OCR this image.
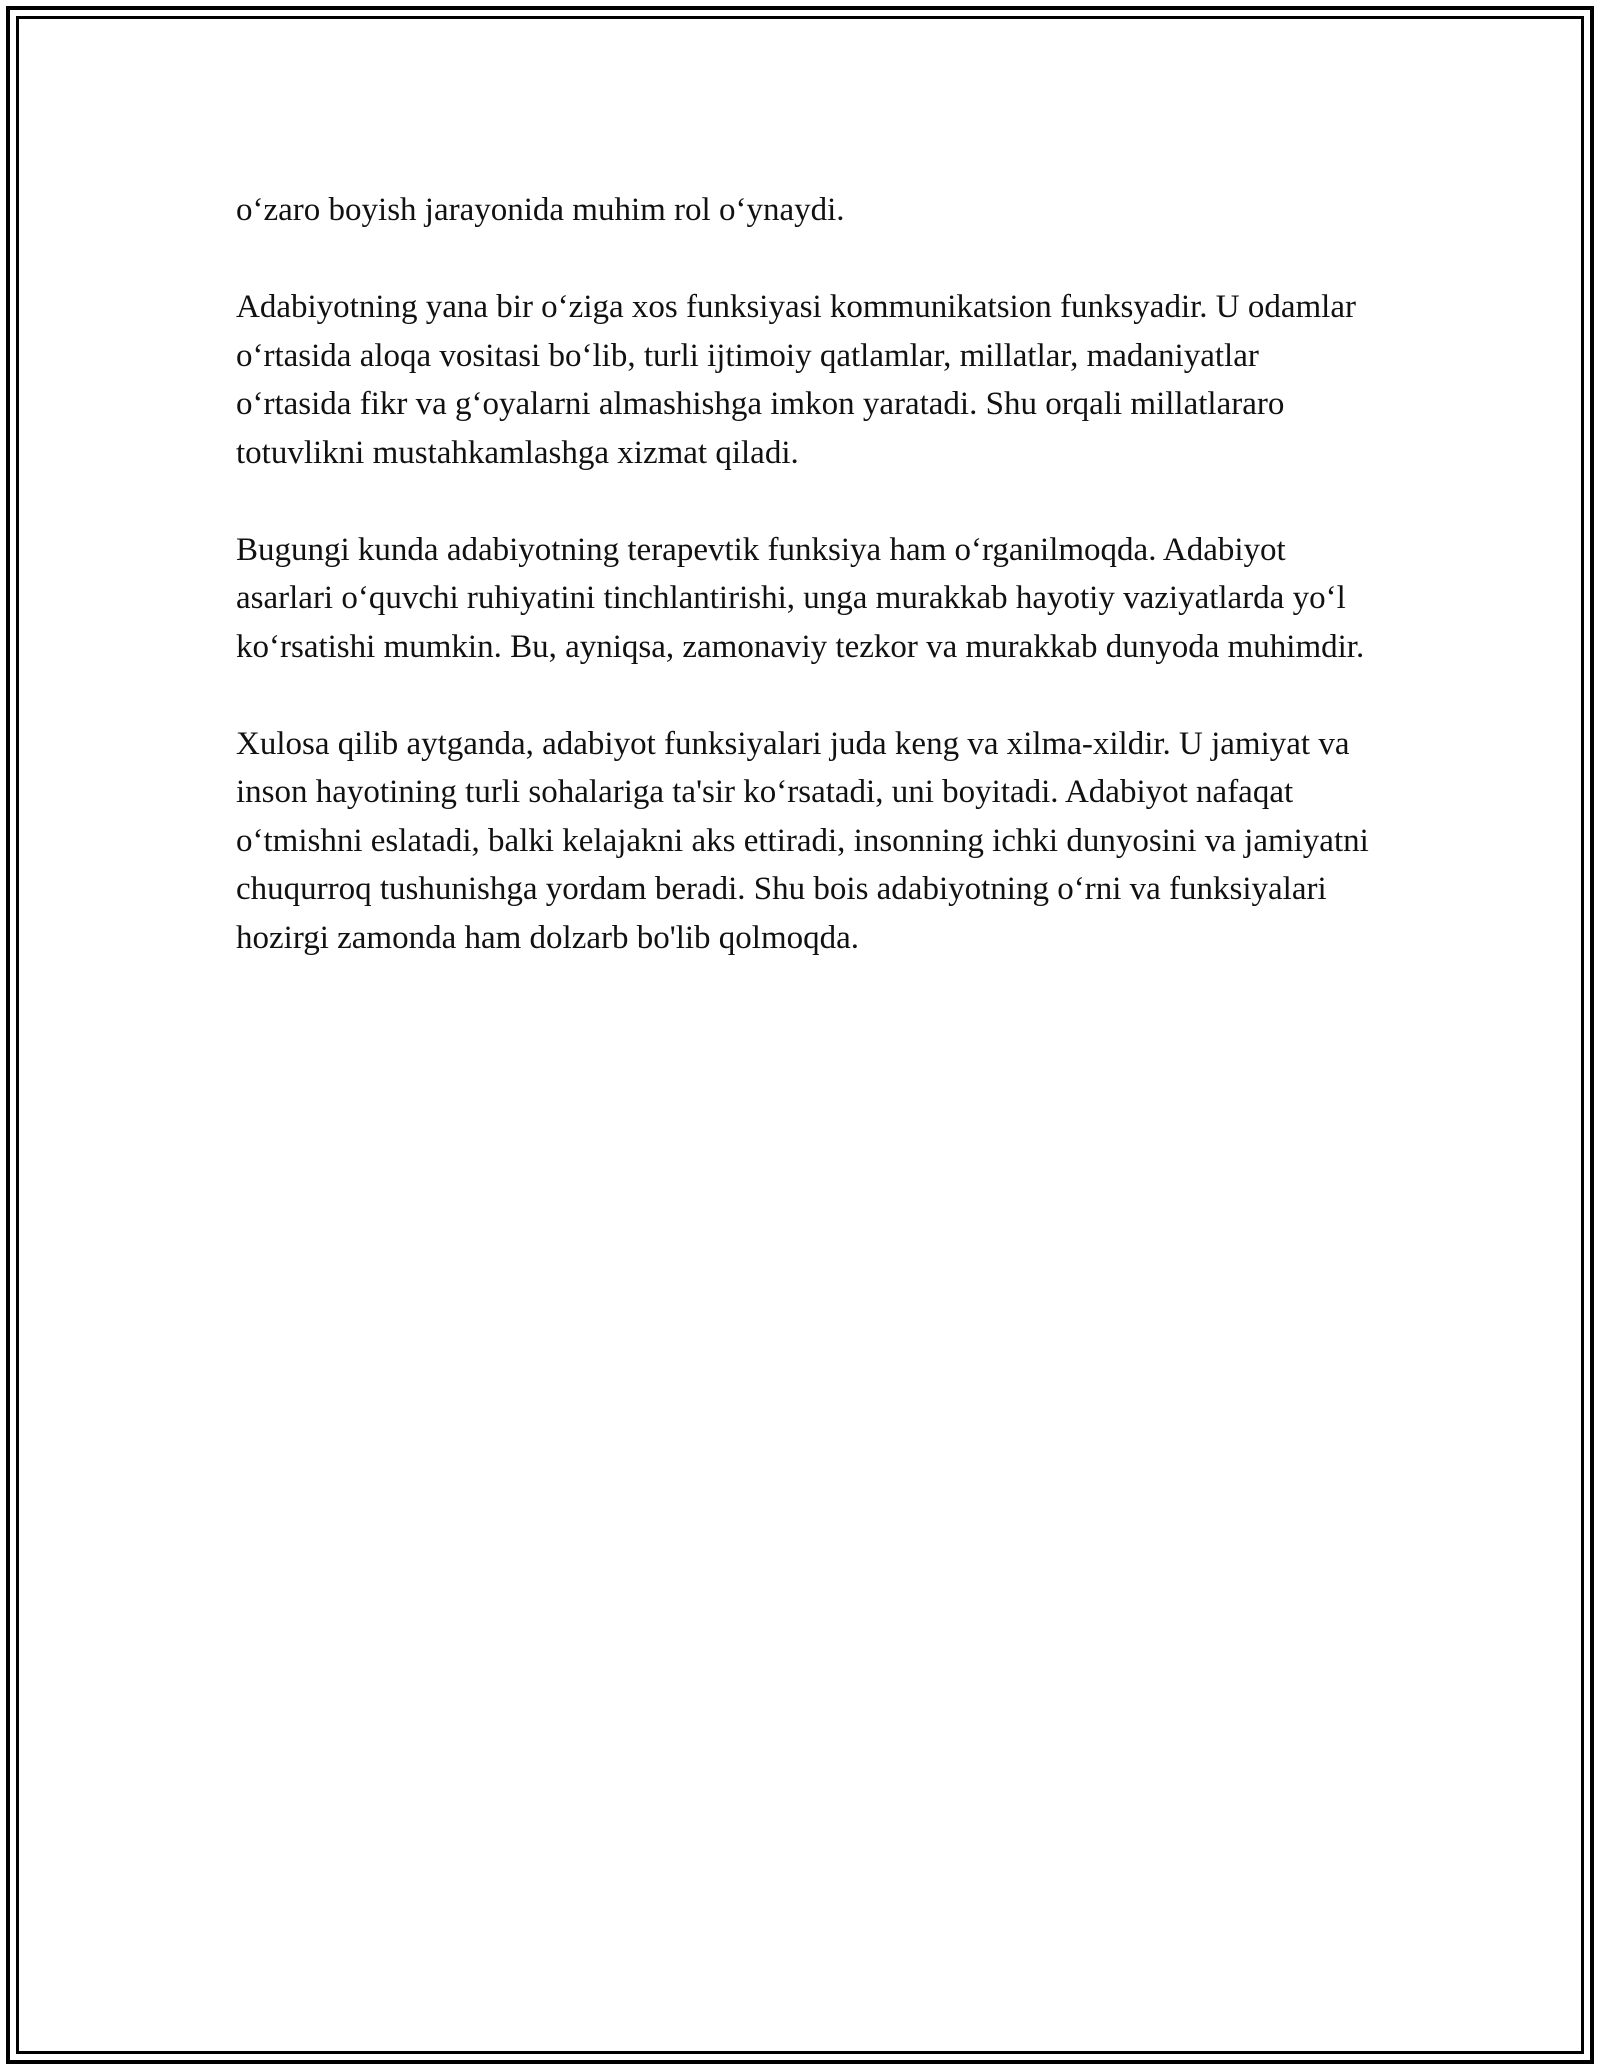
o‘zaro boyish jarayonida muhim rol o‘ynaydi.

Adabiyotning yana bir o‘ziga xos funksiyasi kommunikatsion funksyadir. U odamlar o‘rtasida aloqa vositasi bo‘lib, turli ijtimoiy qatlamlar, millatlar, madaniyatlar o‘rtasida fikr va g‘oyalarni almashishga imkon yaratadi. Shu orqali millatlararo totuvlikni mustahkamlashga xizmat qiladi.

Bugungi kunda adabiyotning terapevtik funksiya ham o‘rganilmoqda. Adabiyot asarlari o‘quvchi ruhiyatini tinchlantirishi, unga murakkab hayotiy vaziyatlarda yo‘l ko‘rsatishi mumkin. Bu, ayniqsa, zamonaviy tezkor va murakkab dunyoda muhimdir.

Xulosa qilib aytganda, adabiyot funksiyalari juda keng va xilma-xildir. U jamiyat va inson hayotining turli sohalariga ta'sir ko‘rsatadi, uni boyitadi. Adabiyot nafaqat o‘tmishni eslatadi, balki kelajakni aks ettiradi, insonning ichki dunyosini va jamiyatni chuqurroq tushunishga yordam beradi. Shu bois adabiyotning o‘rni va funksiyalari hozirgi zamonda ham dolzarb bo'lib qolmoqda.
